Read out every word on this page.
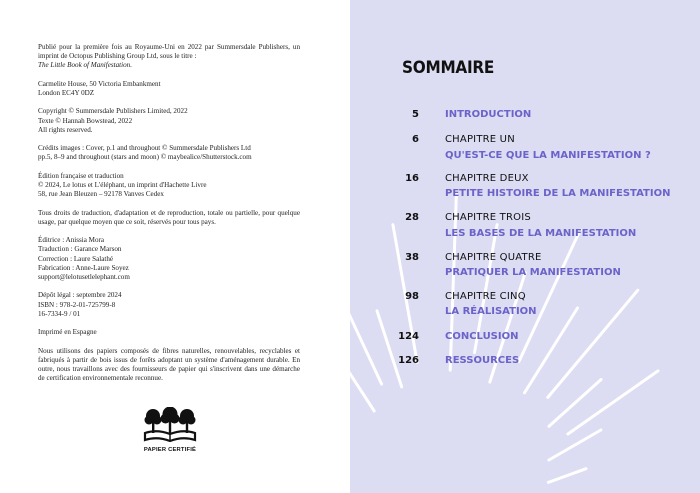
Publié pour la première fois au Royaume-Uni en 2022 par Summersdale Publishers, un imprint de Octopus Publishing Group Ltd, sous le titre :
The Little Book of Manifestation.

Carmelite House, 50 Victoria Embankment
London EC4Y 0DZ

Copyright © Summersdale Publishers Limited, 2022
Texte © Hannah Bowstead, 2022
All rights reserved.

Crédits images : Cover, p.1 and throughout © Summersdale Publishers Ltd
pp.5, 8–9 and throughout (stars and moon) © maybealice/Shutterstock.com

Édition française et traduction
© 2024, Le lotus et L'éléphant, un imprint d'Hachette Livre
58, rue Jean Bleuzen – 92178 Vanves Cedex

Tous droits de traduction, d'adaptation et de reproduction, totale ou partielle, pour quelque usage, par quelque moyen que ce soit, réservés pour tous pays.

Éditrice : Anissia Mora
Traduction : Garance Marson
Correction : Laure Salathé
Fabrication : Anne-Laure Soyez
support@lelotusetlelephant.com

Dépôt légal : septembre 2024
ISBN : 978-2-01-725799-8
16-7334-9 / 01

Imprimé en Espagne

Nous utilisons des papiers composés de fibres naturelles, renouvelables, recyclables et fabriqués à partir de bois issus de forêts adoptant un système d'aménagement durable. En outre, nous travaillons avec des fournisseurs de papier qui s'inscrivent dans une démarche de certification environnementale reconnue.

PAPIER CERTIFIÉ
SOMMAIRE
5	INTRODUCTION
6	CHAPITRE UN
QU'EST-CE QUE LA MANIFESTATION ?
16	CHAPITRE DEUX
PETITE HISTOIRE DE LA MANIFESTATION
28	CHAPITRE TROIS
LES BASES DE LA MANIFESTATION
38	CHAPITRE QUATRE
PRATIQUER LA MANIFESTATION
98	CHAPITRE CINQ
LA RÉALISATION
124	CONCLUSION
126	RESSOURCES
